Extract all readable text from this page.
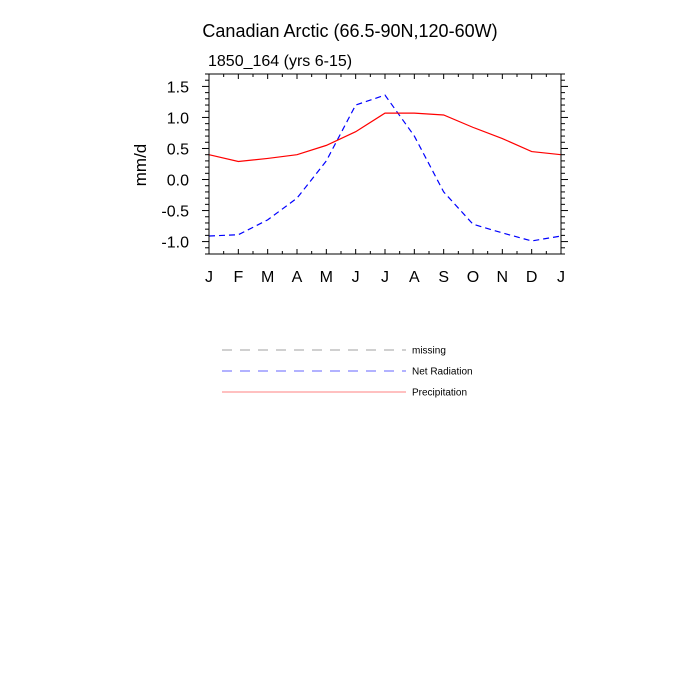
Canadian Arctic (66.5-90N,120-60W)
1850_164 (yrs 6-15)
mm/d
J F M A M J J A S O N D J
1.5
1.0
0.5
0.0
-0.5
-1.0
missing
Net Radiation
Precipitation
